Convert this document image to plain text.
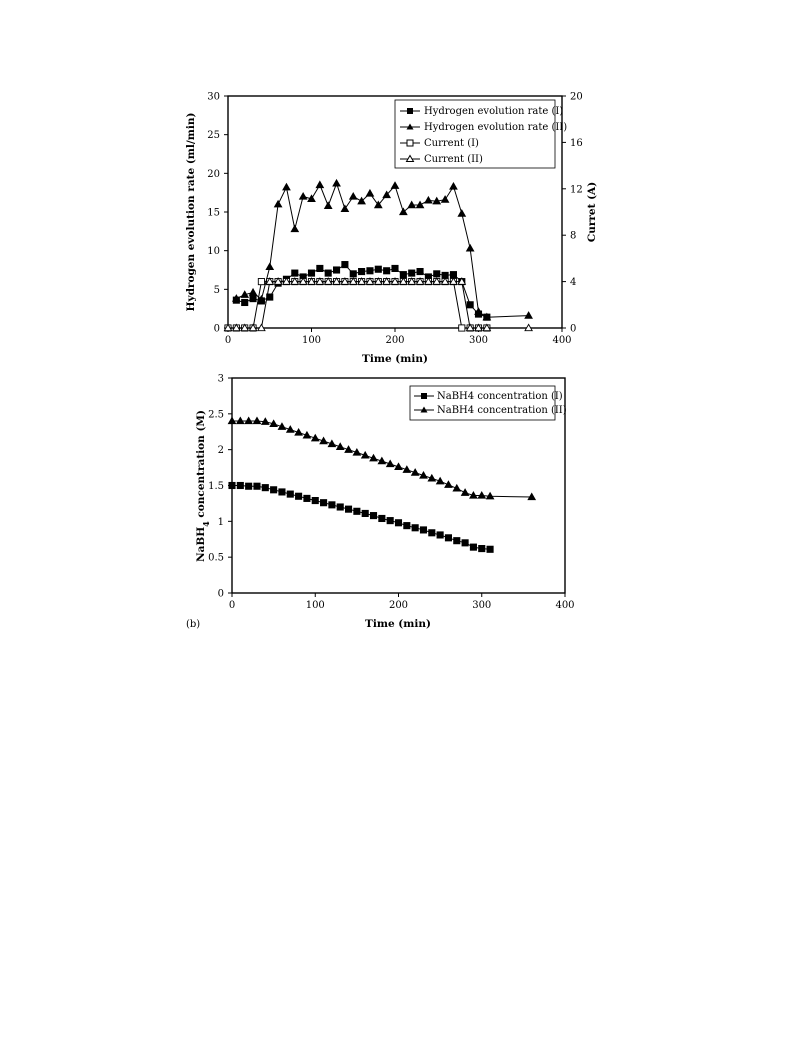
0	100	200	300	400
0
5
10
15
20
25
30
0
4
8
12
16
20
Time (min)
Hydrogen evolution rate (ml/min)	Curret (A)
Hydrogen evolution rate (I)
Hydrogen evolution rate (II)
Current (I)
Current (II)
0	100	200	300	400
0
0.5
1
1.5
2
2.5
3
Time (min)
NaBH$_4$ concentration (M)
(b)
NaBH4 concentration (I)
NaBH4 concentration (II)
